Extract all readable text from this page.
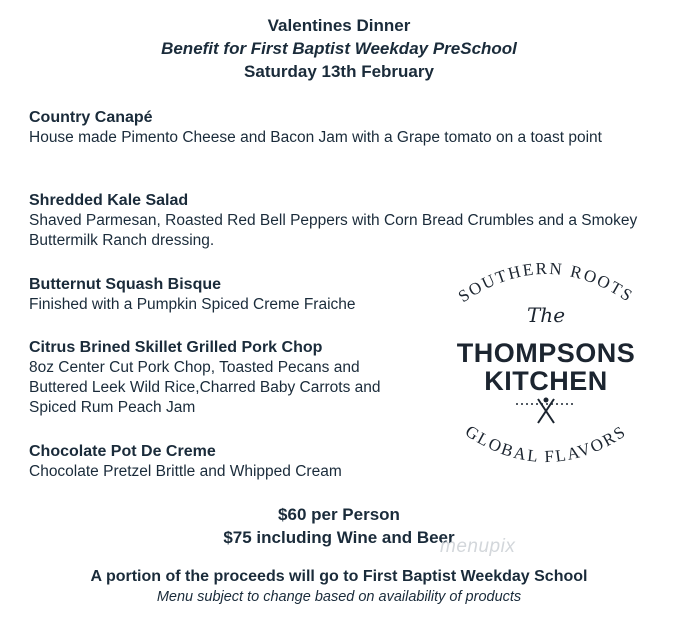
Valentines Dinner
Benefit for First Baptist Weekday PreSchool
Saturday 13th February
Country Canapé
House made Pimento Cheese and Bacon Jam with a Grape tomato on a toast point
Shredded Kale Salad
Shaved Parmesan, Roasted Red Bell Peppers with Corn Bread Crumbles and a Smokey Buttermilk Ranch dressing.
Butternut Squash Bisque
Finished with a Pumpkin Spiced Creme Fraiche
Citrus Brined Skillet Grilled Pork Chop
8oz Center Cut Pork Chop, Toasted Pecans and Buttered Leek Wild Rice,Charred Baby Carrots and Spiced Rum Peach Jam
Chocolate Pot De Creme
Chocolate Pretzel Brittle and Whipped Cream
SOUTHERN ROOTS
GLOBAL FLAVORS
The
THOMPSONS
KITCHEN
$60 per Person
$75 including Wine and Beer
menupix
A portion of the proceeds will go to First Baptist Weekday School
Menu subject to change based on availability of products
